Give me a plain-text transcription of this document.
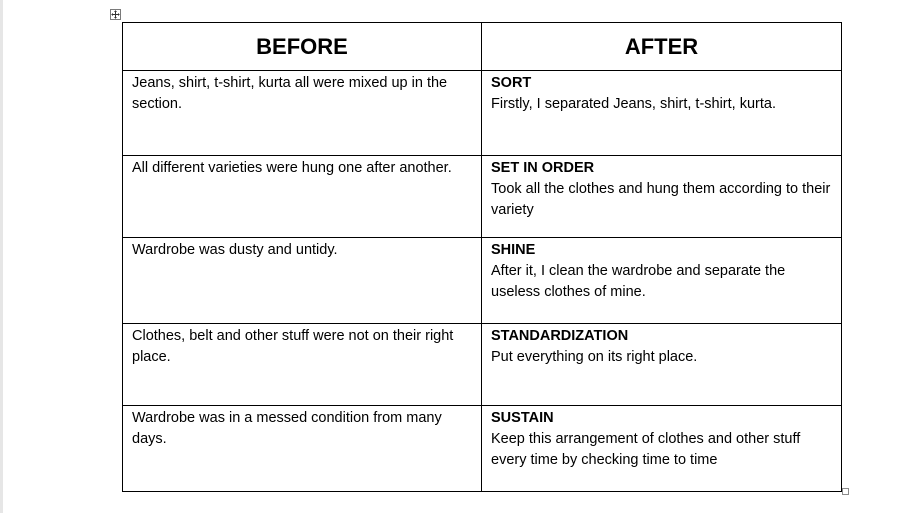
BEFORE	AFTER
Jeans, shirt, t-shirt, kurta all were mixed up in the section.	SORT
Firstly, I separated Jeans, shirt, t-shirt, kurta.
All different varieties were hung one after another.	SET IN ORDER
Took all the clothes and hung them according to their variety
Wardrobe was dusty and untidy.	SHINE
After it, I clean the wardrobe and separate the useless clothes of mine.
Clothes, belt and other stuff were not on their right place.	STANDARDIZATION
Put everything on its right place.
Wardrobe was in a messed condition from many days.	SUSTAIN
Keep this arrangement of clothes and other stuff every time by checking time to time
